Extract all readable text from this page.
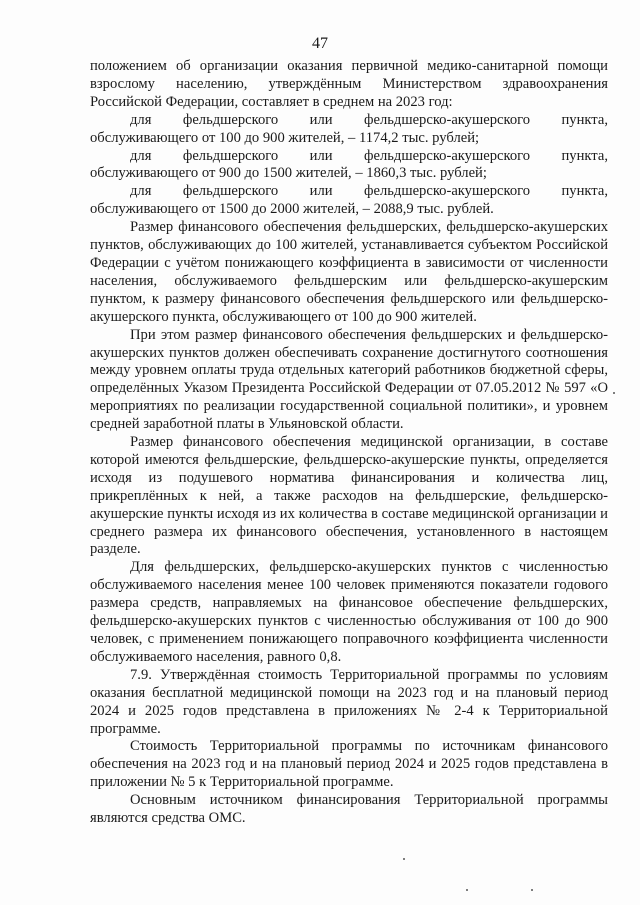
47

положением об организации оказания первичной медико-санитарной помощи взрослому населению, утверждённым Министерством здравоохранения Российской Федерации, составляет в среднем на 2023 год:

для фельдшерского или фельдшерско-акушерского пункта, обслуживающего от 100 до 900 жителей, – 1174,2 тыс. рублей;

для фельдшерского или фельдшерско-акушерского пункта, обслуживающего от 900 до 1500 жителей, – 1860,3 тыс. рублей;

для фельдшерского или фельдшерско-акушерского пункта, обслуживающего от 1500 до 2000 жителей, – 2088,9 тыс. рублей.

Размер финансового обеспечения фельдшерских, фельдшерско-акушерских пунктов, обслуживающих до 100 жителей, устанавливается субъектом Российской Федерации с учётом понижающего коэффициента в зависимости от численности населения, обслуживаемого фельдшерским или фельдшерско-акушерским пунктом, к размеру финансового обеспечения фельдшерского или фельдшерско-акушерского пункта, обслуживающего от 100 до 900 жителей.

При этом размер финансового обеспечения фельдшерских и фельдшерско-акушерских пунктов должен обеспечивать сохранение достигнутого соотношения между уровнем оплаты труда отдельных категорий работников бюджетной сферы, определённых Указом Президента Российской Федерации от 07.05.2012 № 597 «О мероприятиях по реализации государственной социальной политики», и уровнем средней заработной платы в Ульяновской области.

Размер финансового обеспечения медицинской организации, в составе которой имеются фельдшерские, фельдшерско-акушерские пункты, определяется исходя из подушевого норматива финансирования и количества лиц, прикреплённых к ней, а также расходов на фельдшерские, фельдшерско-акушерские пункты исходя из их количества в составе медицинской организации и среднего размера их финансового обеспечения, установленного в настоящем разделе.

Для фельдшерских, фельдшерско-акушерских пунктов с численностью обслуживаемого населения менее 100 человек применяются показатели годового размера средств, направляемых на финансовое обеспечение фельдшерских, фельдшерско-акушерских пунктов с численностью обслуживания от 100 до 900 человек, с применением понижающего поправочного коэффициента численности обслуживаемого населения, равного 0,8.

7.9. Утверждённая стоимость Территориальной программы по условиям оказания бесплатной медицинской помощи на 2023 год и на плановый период 2024 и 2025 годов представлена в приложениях № 2-4 к Территориальной программе.

Стоимость Территориальной программы по источникам финансового обеспечения на 2023 год и на плановый период 2024 и 2025 годов представлена в приложении № 5 к Территориальной программе.

Основным источником финансирования Территориальной программы являются средства ОМС.
